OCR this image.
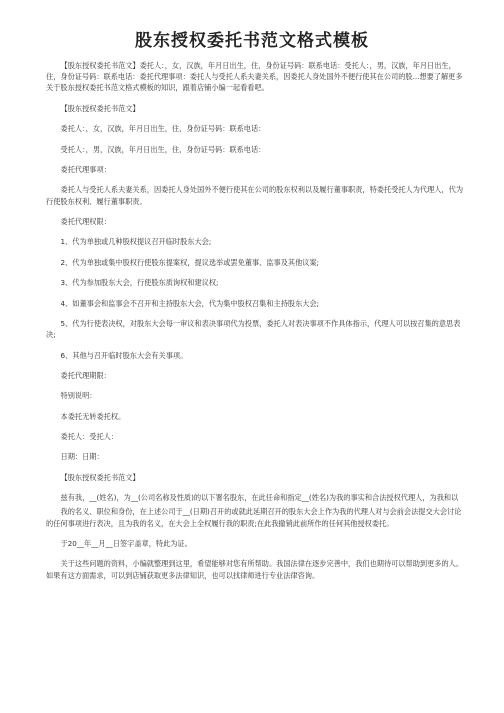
股东授权委托书范文格式模板

【股东授权委托书范文】委托人：，女，汉族，年月日出生，住，身份证号码：联系电话：受托人：，男，汉族，年月日出生，住，身份证号码：联系电话：委托代理事项：委托人与受托人系夫妻关系，因委托人身处国外不便行使其在公司的股...想要了解更多关于股东授权委托书范文格式模板的知识，跟着店铺小编一起看看吧。

【股东授权委托书范文】

委托人：，女，汉族，年月日出生，住，身份证号码：联系电话：

受托人：，男，汉族，年月日出生，住，身份证号码：联系电话：

委托代理事项：

委托人与受托人系夫妻关系，因委托人身处国外不便行使其在公司的股东权利以及履行董事职责，特委托受托人为代理人，代为行使股东权利、履行董事职责。

委托代理权限：

1、代为单独或几种股权提议召开临时股东大会;

2、代为单独或集中股权行使股东提案权，提议选举或罢免董事、监事及其他议案;

3、代为参加股东大会，行使股东质询权和建议权;

4、如董事会和监事会不召开和主持股东大会，代为集中股权召集和主持股东大会;

5、代为行使表决权，对股东大会每一审议和表决事项代为投票，委托人对表决事项不作具体指示，代理人可以按召集的意思表决;

6、其他与召开临时股东大会有关事项。

委托代理期限：

特别说明：

本委托无转委托权。

委托人：受托人：

日期：日期：

【股东授权委托书范文】

兹有我，__(姓名)，为__(公司名称及性质)的以下署名股东，在此任命和指定__(姓名)为我的事实和合法授权代理人，为我和以

我的名义、职位和身份，在上述公司于__(日期)召开的或就此延期召开的股东大会上作为我的代理人对与会前会法提交大会讨论的任何事项进行表决，且为我的名义，在大会上全权履行我的职责;在此我撤销此前所作的任何其他授权委托。

于20__年__月__日签字盖章，特此为证。

关于这些问题的资料，小编就整理到这里，希望能够对您有所帮助。我国法律在逐步完善中，我们也期待可以帮助到更多的人。如果有这方面需求，可以到店铺获取更多法律知识，也可以找律师进行专业法律咨询。
